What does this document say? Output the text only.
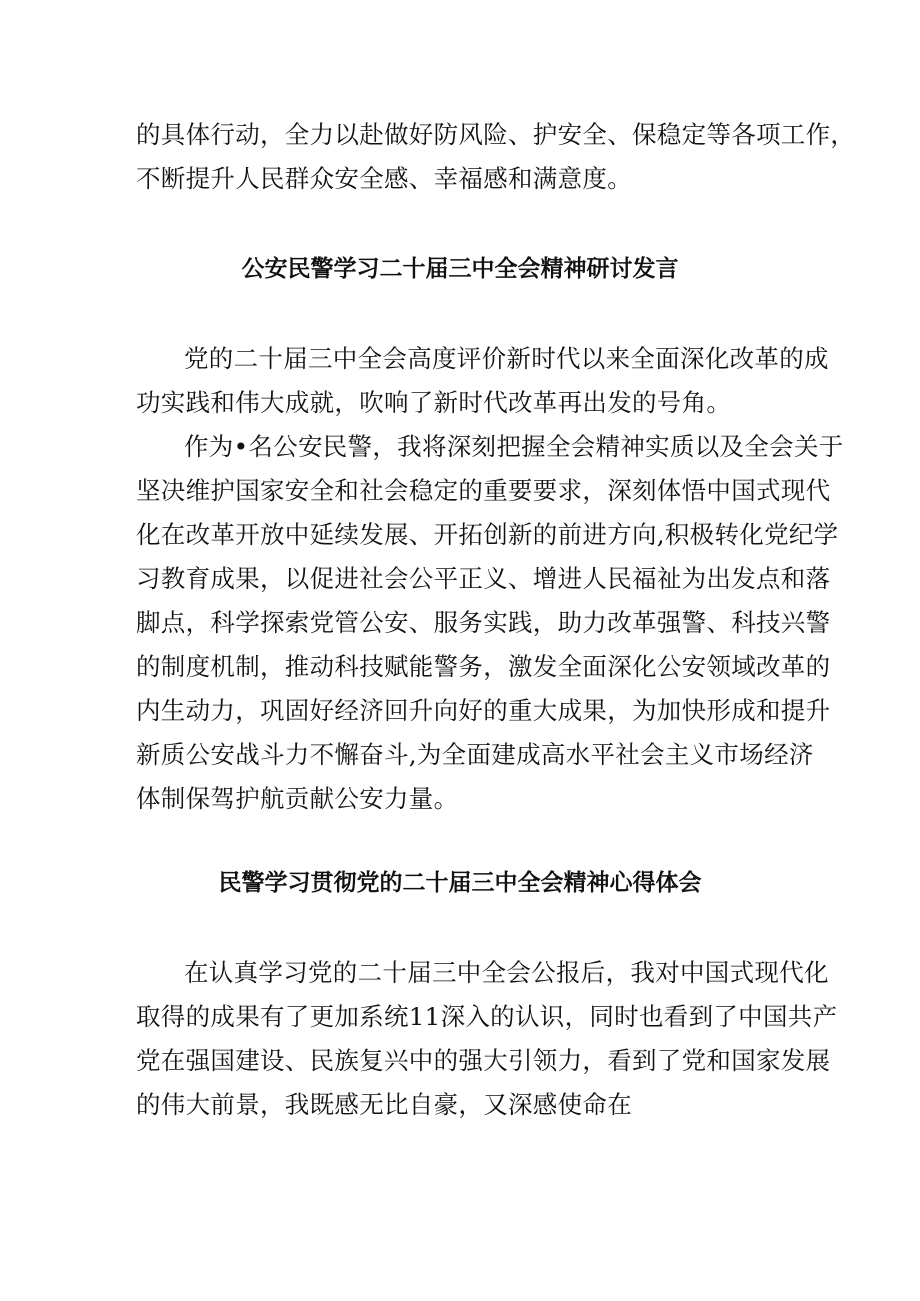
的具体行动，全力以赴做好防风险、护安全、保稳定等各项工作，
不断提升人民群众安全感、幸福感和满意度。
公安民警学习二十届三中全会精神研讨发言
党的二十届三中全会高度评价新时代以来全面深化改革的成
功实践和伟大成就，吹响了新时代改革再出发的号角。
作为•名公安民警，我将深刻把握全会精神实质以及全会关于
坚决维护国家安全和社会稳定的重要要求，深刻体悟中国式现代
化在改革开放中延续发展、开拓创新的前进方向,积极转化党纪学
习教育成果，以促进社会公平正义、增进人民福祉为出发点和落
脚点，科学探索党管公安、服务实践，助力改革强警、科技兴警
的制度机制，推动科技赋能警务，激发全面深化公安领域改革的
内生动力，巩固好经济回升向好的重大成果，为加快形成和提升
新质公安战斗力不懈奋斗,为全面建成高水平社会主义市场经济
体制保驾护航贡献公安力量。
民警学习贯彻党的二十届三中全会精神心得体会
在认真学习党的二十届三中全会公报后，我对中国式现代化
取得的成果有了更加系统11深入的认识，同时也看到了中国共产
党在强国建设、民族复兴中的强大引领力，看到了党和国家发展
的伟大前景，我既感无比自豪，又深感使命在
